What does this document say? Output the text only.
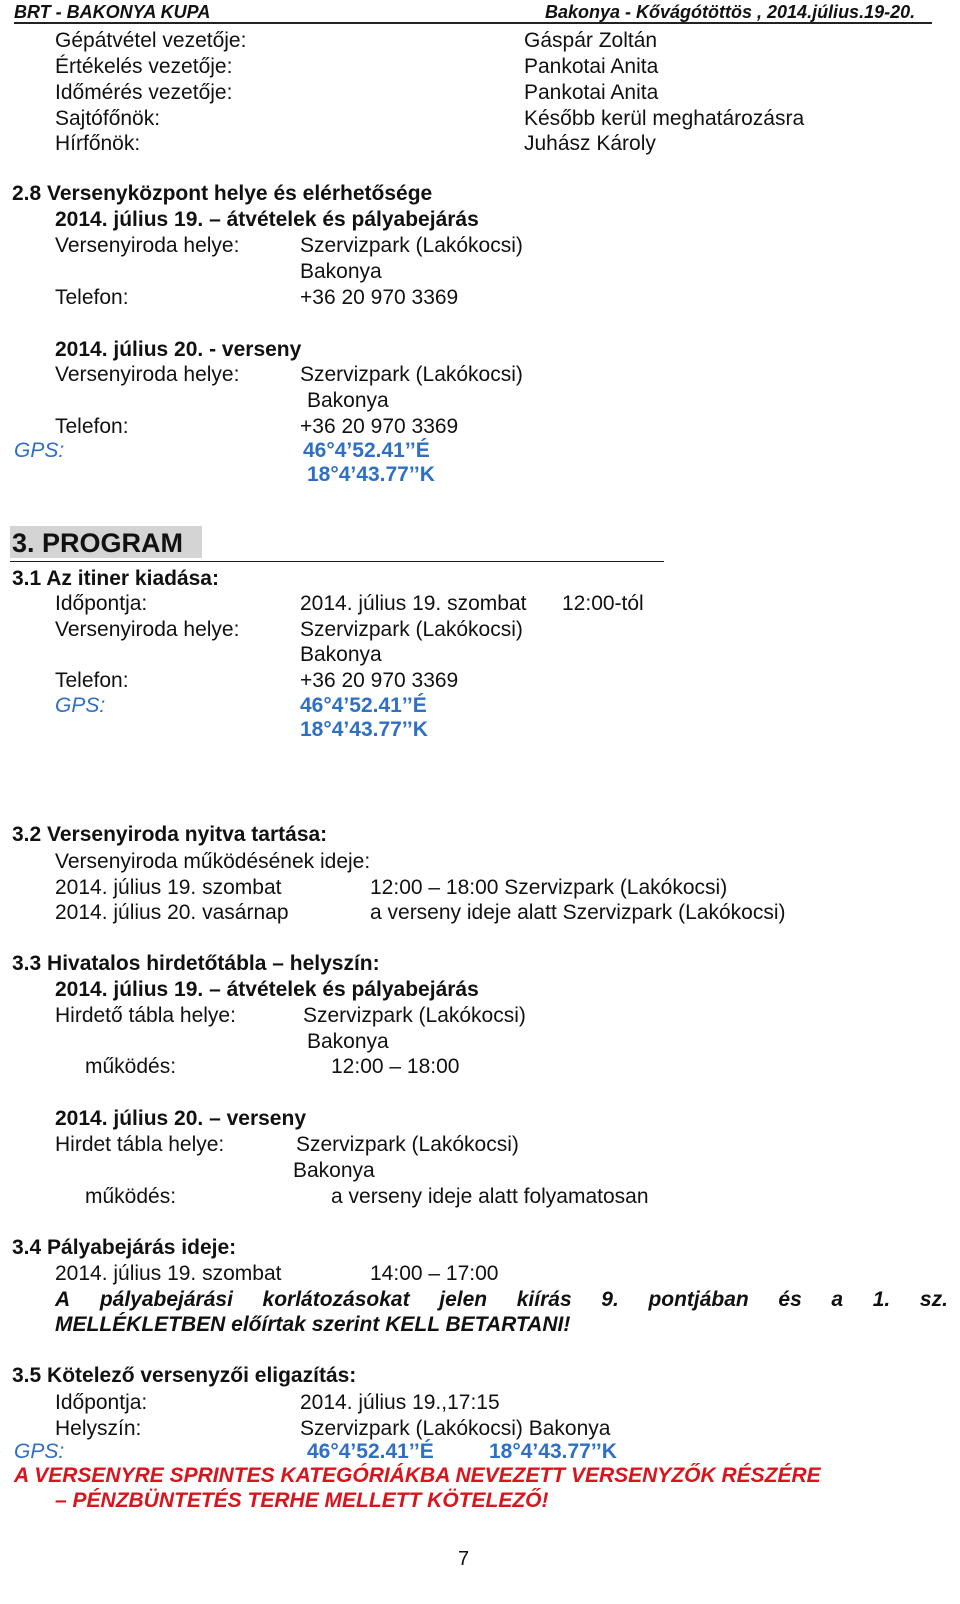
BRT - BAKONYA KUPA	Bakonya - Kővágótöttös , 2014.július.19-20.
Gépátvétel vezetője:	Gáspár Zoltán
Értékelés vezetője:	Pankotai Anita
Időmérés vezetője:	Pankotai Anita
Sajtófőnök:	Később kerül meghatározásra
Hírfőnök:	Juhász Károly
2.8 Versenyközpont helye és elérhetősége
2014. július 19. – átvételek és pályabejárás
Versenyiroda helye:	Szervizpark (Lakókocsi)
Bakonya
Telefon:	+36 20 970 3369
2014. július 20. - verseny
Versenyiroda helye:	Szervizpark (Lakókocsi)
Bakonya
Telefon:	+36 20 970 3369
GPS:	46°4’52.41’’É
18°4’43.77’’K
3. PROGRAM
3.1 Az itiner kiadása:
Időpontja:	2014. július 19. szombat 12:00-tól
Versenyiroda helye:	Szervizpark (Lakókocsi)
Bakonya
Telefon:	+36 20 970 3369
GPS:	46°4’52.41’’É
18°4’43.77’’K
3.2 Versenyiroda nyitva tartása:
Versenyiroda működésének ideje:
2014. július 19. szombat	12:00 – 18:00 Szervizpark (Lakókocsi)
2014. július 20. vasárnap	a verseny ideje alatt Szervizpark (Lakókocsi)
3.3 Hivatalos hirdetőtábla – helyszín:
2014. július 19. – átvételek és pályabejárás
Hirdető tábla helye:	Szervizpark (Lakókocsi)
Bakonya
működés:	12:00 – 18:00
2014. július 20. – verseny
Hirdet tábla helye:	Szervizpark (Lakókocsi)
Bakonya
működés:	a verseny ideje alatt folyamatosan
3.4 Pályabejárás ideje:
2014. július 19. szombat	14:00 – 17:00
A pályabejárási korlátozásokat jelen kiírás 9. pontjában és a 1. sz.
MELLÉKLETBEN előírtak szerint KELL BETARTANI!
3.5 Kötelező versenyzői eligazítás:
Időpontja:	2014. július 19.,17:15
Helyszín:	Szervizpark (Lakókocsi) Bakonya
GPS:	46°4’52.41’’É	18°4’43.77’’K
A VERSENYRE SPRINTES KATEGÓRIÁKBA NEVEZETT VERSENYZŐK RÉSZÉRE
– PÉNZBÜNTETÉS TERHE MELLETT KÖTELEZŐ!
7
